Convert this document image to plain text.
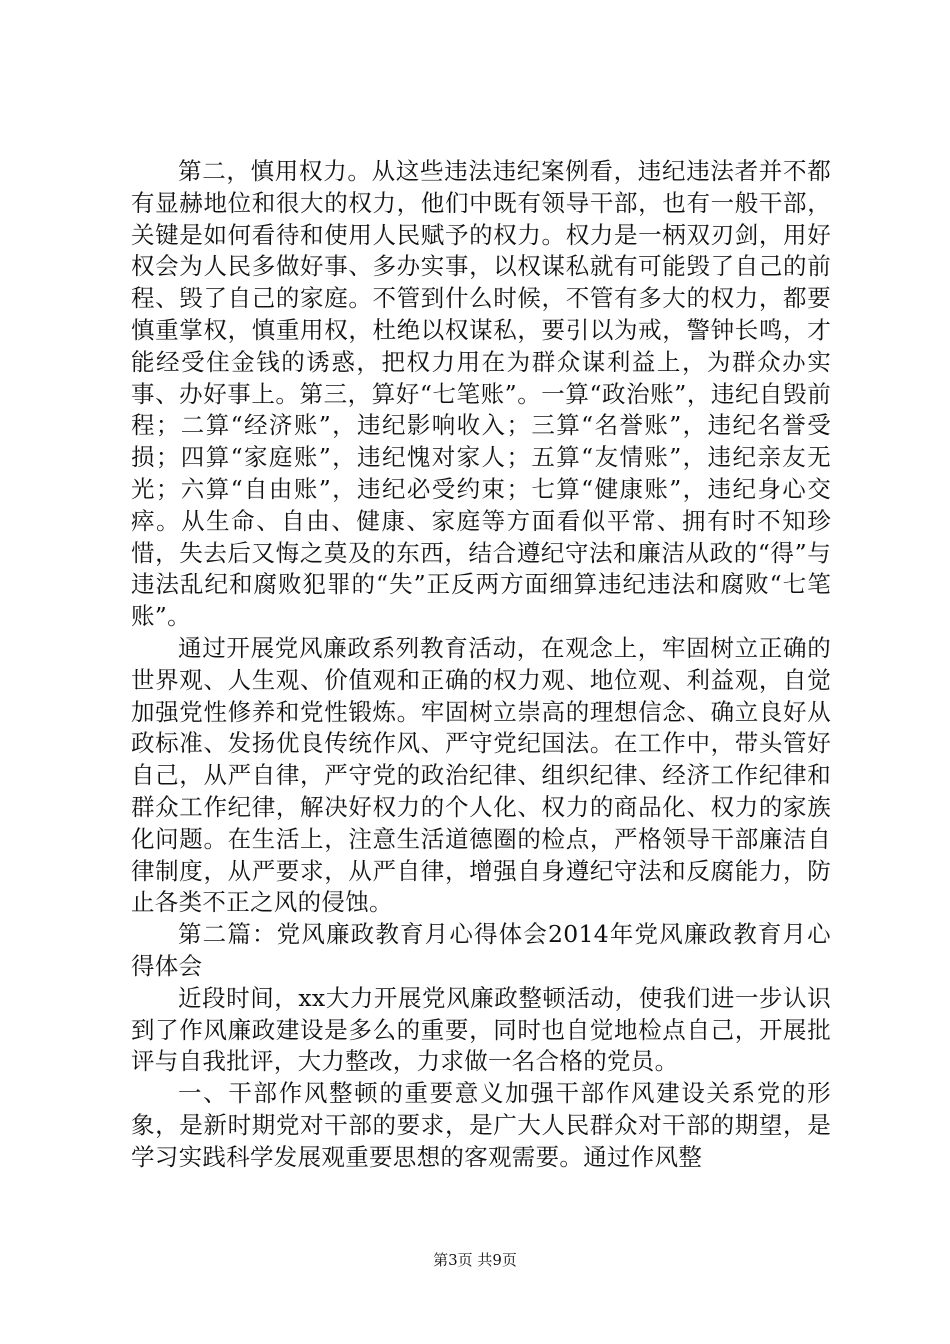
第二，慎用权力。从这些违法违纪案例看，违纪违法者并不都有显赫地位和很大的权力，他们中既有领导干部，也有一般干部，关键是如何看待和使用人民赋予的权力。权力是一柄双刃剑，用好权会为人民多做好事、多办实事，以权谋私就有可能毁了自己的前程、毁了自己的家庭。不管到什么时候，不管有多大的权力，都要慎重掌权，慎重用权，杜绝以权谋私，要引以为戒，警钟长鸣，才能经受住金钱的诱惑，把权力用在为群众谋利益上，为群众办实事、办好事上。第三，算好“七笔账”。一算“政治账”，违纪自毁前程；二算“经济账”，违纪影响收入；三算“名誉账”，违纪名誉受损；四算“家庭账”，违纪愧对家人；五算“友情账”，违纪亲友无光；六算“自由账”，违纪必受约束；七算“健康账”，违纪身心交瘁。从生命、自由、健康、家庭等方面看似平常、拥有时不知珍惜，失去后又悔之莫及的东西，结合遵纪守法和廉洁从政的“得”与违法乱纪和腐败犯罪的“失”正反两方面细算违纪违法和腐败“七笔账”。

通过开展党风廉政系列教育活动，在观念上，牢固树立正确的世界观、人生观、价值观和正确的权力观、地位观、利益观，自觉加强党性修养和党性锻炼。牢固树立崇高的理想信念、确立良好从政标准、发扬优良传统作风、严守党纪国法。在工作中，带头管好自己，从严自律，严守党的政治纪律、组织纪律、经济工作纪律和群众工作纪律，解决好权力的个人化、权力的商品化、权力的家族化问题。在生活上，注意生活道德圈的检点，严格领导干部廉洁自律制度，从严要求，从严自律，增强自身遵纪守法和反腐能力，防止各类不正之风的侵蚀。

第二篇：党风廉政教育月心得体会2014年党风廉政教育月心得体会

近段时间，xx大力开展党风廉政整顿活动，使我们进一步认识到了作风廉政建设是多么的重要，同时也自觉地检点自己，开展批评与自我批评，大力整改，力求做一名合格的党员。

一、干部作风整顿的重要意义加强干部作风建设关系党的形象，是新时期党对干部的要求，是广大人民群众对干部的期望，是学习实践科学发展观重要思想的客观需要。通过作风整

第3页 共9页
